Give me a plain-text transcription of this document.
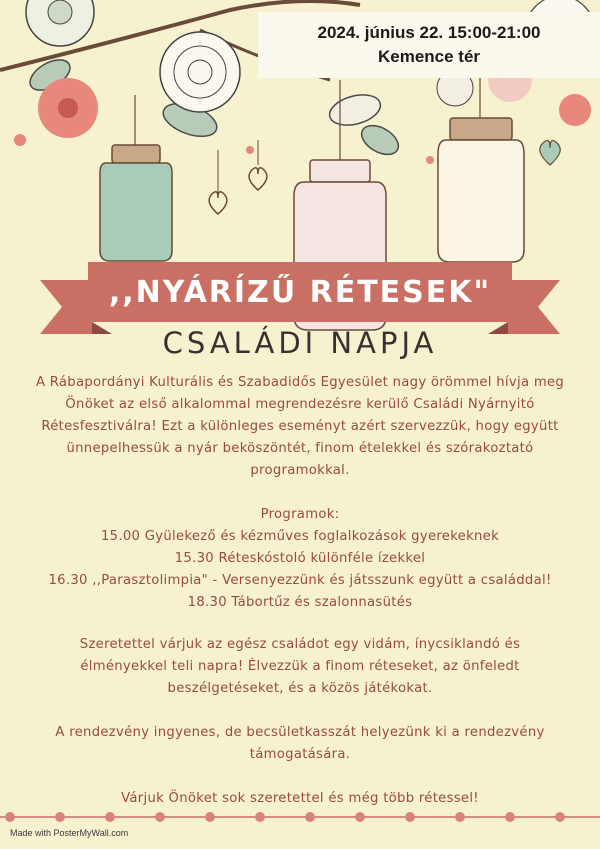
2024. június 22. 15:00-21:00
Kemence tér
,,NYÁRÍZŰ RÉTESEK"
CSALÁDI NAPJA
A Rábapordányi Kulturális és Szabadidős Egyesület nagy örömmel hívja meg
Önöket az első alkalommal megrendezésre kerülő Családi Nyárnyitó
Rétesfesztiválra! Ezt a különleges eseményt azért szervezzük, hogy együtt
ünnepelhessük a nyár beköszöntét, finom ételekkel és szórakoztató
programokkal.
Programok:
15.00 Gyülekező és kézműves foglalkozások gyerekeknek
15.30 Réteskóstoló különféle ízekkel
16.30 ,,Parasztolimpia" - Versenyezzünk és játsszunk együtt a családdal!
18.30 Tábortűz és szalonnasütés
Szeretettel várjuk az egész családot egy vidám, ínycsiklandó és
élményekkel teli napra! Élvezzük a finom réteseket, az önfeledt
beszélgetéseket, és a közös játékokat.
A rendezvény ingyenes, de becsületkasszát helyezünk ki a rendezvény
támogatására.
Várjuk Önöket sok szeretettel és még több rétessel!
Made with PosterMyWall.com
